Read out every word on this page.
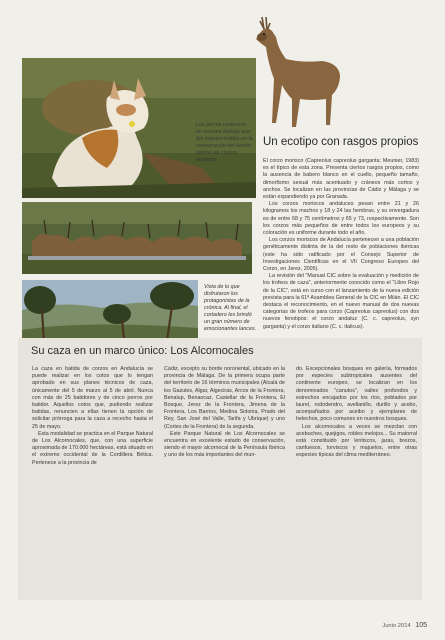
Los perros realizaron un enorme trabajo que fue imprescindible en la consecución del bonito plantel de corzos abatidos.
Vista de lo que disfrutaron los protagonistas de la crónica. Al final, el cortadero les brindó un gran número de emocionantes lances.
Un ecotipo con rasgos propios

El corzo morisco (Capreolus capreolus garganta; Meunier, 1983) es el típico de esta zona. Presenta ciertos rasgos propios, como la ausencia de babero blanco en el cuello, pequeño tamaño, dimorfismo sexual más acentuado y cráneos más cortos y anchos. Se localizan en las provincias de Cádiz y Málaga y se están expandiendo ya por Granada.

Los corzos moriscos andaluces pesan entre 21 y 26 kilogramos los machos y 18 y 24 las hembras, y su envergadura es de entre 68 y 75 centímetros y 65 y 73, respectivamente. Son los corzos más pequeños de entre todos los europeos y su coloración es uniforme durante todo el año.

Los corzos moriscos de Andalucía pertenecen a una población genéticamente distinta de la del resto de poblaciones ibéricas (este ha sido ratificado por el Consejo Superior de Investigaciones Científicas en el VII Congreso Europeo del Corzo, en Jerez, 2005).

La revisión del "Manual CIC sobre la evaluación y medición de los trofeos de caza", anteriormente conocido como el "Libro Rojo de la CIC", está en curso con el lanzamiento de la nueva edición prevista para la 61ª Asamblea General de la CIC en Milán. El CIC destaca el reconocimiento, en el nuevo manual de dos nuevas categorías de trofeos para corzo (Capreolus capreolus) con dos nuevos fenotipos: el corzo andaluz (C. c. capreolus, syn garganta) y el corzo italiano (C. c. italicus).

Su caza en un marco único: Los Alcornocales

La caza en batida de corzos en Andalucía se puede realizar en los cotos que lo tengan aprobado en sus planes técnicos de caza, únicamente del 5 de marzo al 5 de abril. Nunca con más de 25 batidores y de cinco perros por batidor. Aquellos cotos que, pudiendo realizar batidas, renuncien a ellas tienen la opción de solicitar prórroga para la caza a rececho hasta el 25 de mayo.

Esta modalidad se practica en el Parque Natural de Los Alcornocales, que, con una superficie aproximada de 170.000 hectáreas, está situado en el extremo occidental de la Cordillera Bética. Pertenece a la provincia de

Cádiz, excepto su borde nororiental, ubicado en la provincia de Málaga. De la primera ocupa parte del territorio de 16 términos municipales (Alcalá de los Gazules, Algar, Algeciras, Arcos de la Frontera, Benalup, Benaocaz, Castellar de la Frontera, El Bosque, Jerez de la Frontera, Jimena de la Frontera, Los Barrios, Medina Sidonia, Prado del Rey, San José del Valle, Tarifa y Ubrique) y uno (Cortes de la Frontera) de la segunda.

Este Parque Natural de Los Alcornocales se encuentra en excelente estado de conservación, siendo el mayor alcornocal de la Península Ibérica y uno de los más importantes del mun-

do. Excepcionales bosques en galería, formados por especies subtropicales ausentes del continente europeo, se localizan en los denominados "canutos", valles profundos y estrechos encajados por los ríos, poblados por laurel, rododendro, avellanillo, durillo y acebo, acompañados por aceibo y ejemplares de helechos, poco comunes en nuestros bosques.

Los alcornocales a veces se mezclan con acebuches, quejigos, robles melojos... Su matorral está constituido por lentiscos, jaras, brezos, canfuesos, torviscos y majuelos, entre otras especies típicas del clima mediterráneo.

Junio 2014 105
